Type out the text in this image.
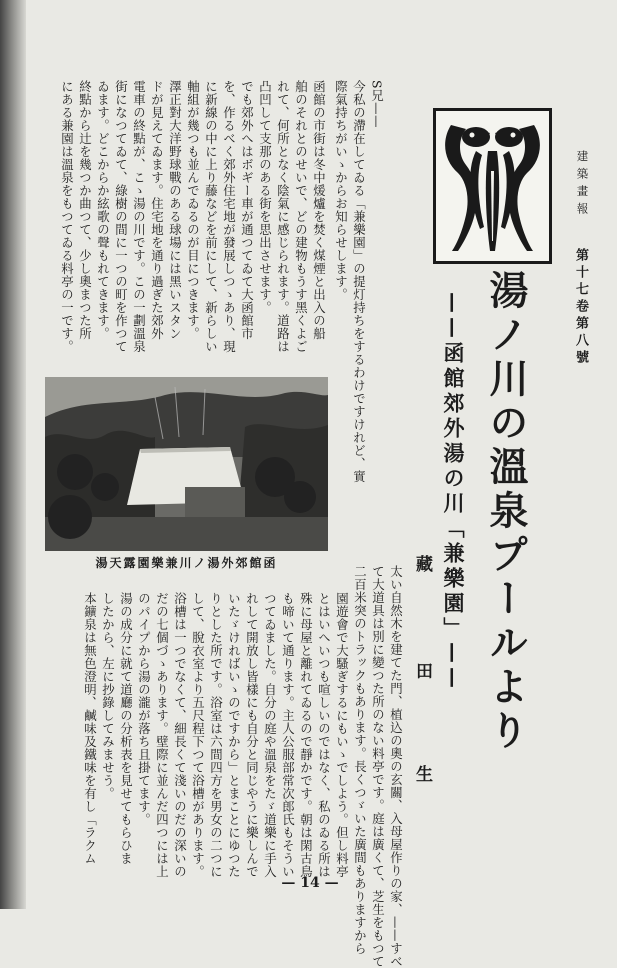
建築畫報
第十七卷第八號
湯ノ川の溫泉プールより
——函館郊外湯の川「兼樂園」——
藏
田
生
S兄——
今私の滯在してゐる「兼樂園」の提灯持ちをするわけですけれど、實
際氣持ちがいゝからお知らせします。
函館の市街は冬中煖爐を焚く煤煙と出入の船
舶のそれとのせいで、どの建物もうす黑くよご
れて、何所となく陰氣に感じられます。道路は
凸凹して支那のある街を思出させます。
でも郊外へはボギー車が通つてゐて大函館市
を、作るべく郊外住宅地が發展しつゝあり、現
に新線の中に上り藤などを前にして、新らしい
軸組が幾つも並んでゐるのが目につきます。
澤正對大洋野球戰のある球場には黑いスタン
ドが見えてゐます。住宅地を通り過ぎた郊外
電車の終點が、こゝ湯の川です。この一劃溫泉
街になつてゐて、綠樹の間に一つの町を作つて
ゐます。どこからか絃歌の聲もれてきます。
終點から辻を幾つか曲つて、少し奧まつた所
にある兼園は溫泉をもつてゐる料亭の一です。
湯天露園樂兼川ノ湯外郊館函
太い自然木を建てた門、植込の奧の玄關、入母屋作りの家、——すべ
て大道具は別に變つた所のない料亭です。庭は廣くて、芝生をもつて
二百米突のトラックもあります。長くつゞいた廣間もありますから
園遊會で大騷ぎするにもいゝでしよう。但し料亭
とはいへいつも喧しいのではなく、私のゐる所は
殊に母屋と離れてゐるので靜かです。朝は閑古鳥
も啼いて通ります。主人公服部常次郎氏もそうい
つてゐました。自分の庭や溫泉をたゞ道樂に手入
れして開放し皆樣にも自分と同じやうに樂しんで
いたゞければいゝのですから」とまことにゆつた
りとした所です。浴室は六間四方を男女の二つに
して、脫衣室より五尺程下つて浴槽があります。
浴槽は一つでなくて、細長くて淺いのだの深いの
だの七個づゝあります。壁際に並んだ四つには上
のパイプから湯の瀧が落ち且掛てます。
湯の成分に就て道廳の分析表を見せてもらひま
したから、左に抄錄してみませう。
本鑛泉は無色澄明、鹹味及鐵味を有し「ラクム
— 14 —
